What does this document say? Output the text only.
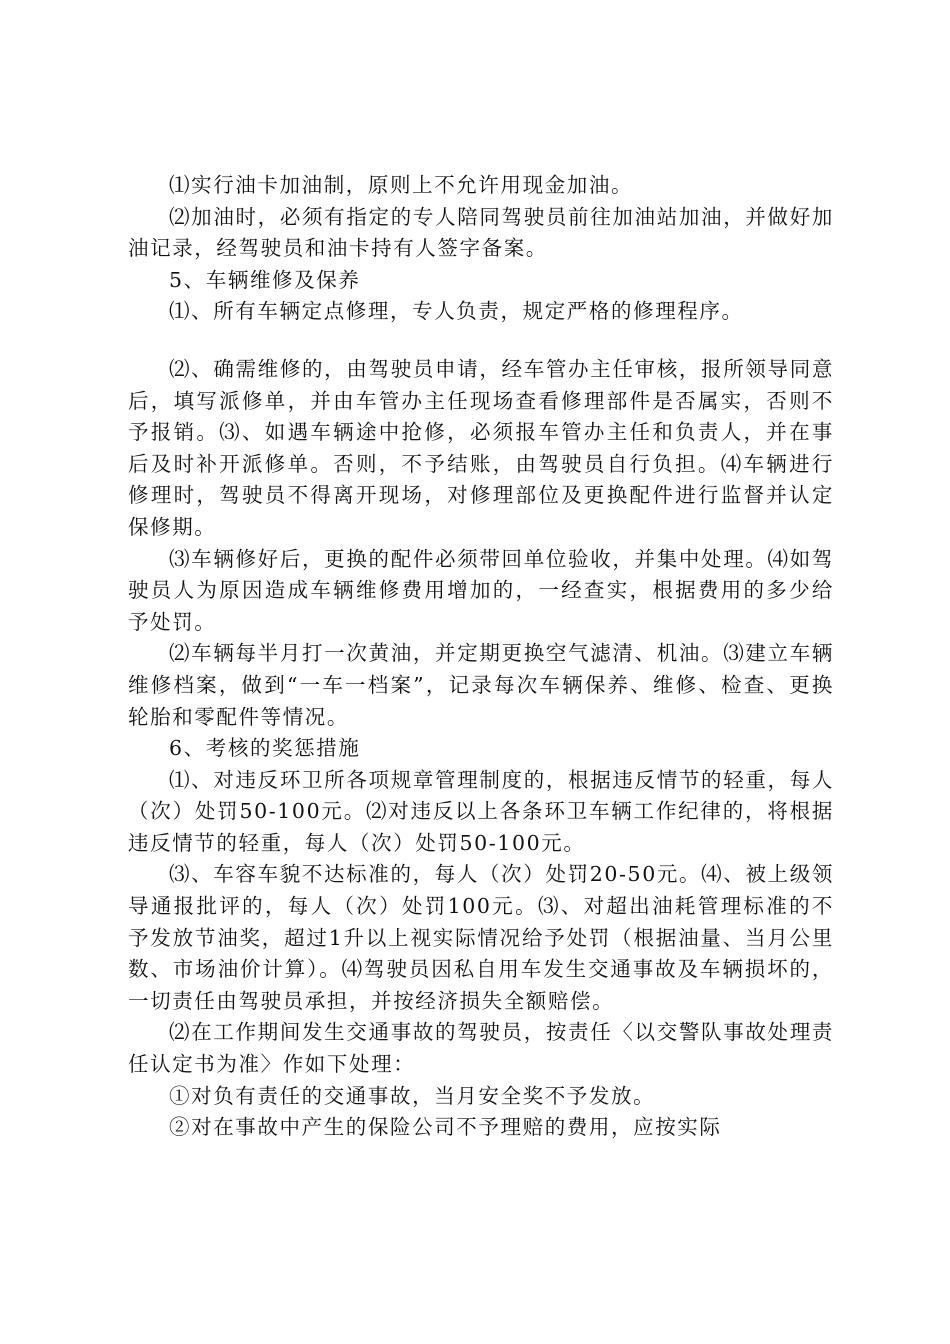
⑴实行油卡加油制，原则上不允许用现金加油。

⑵加油时，必须有指定的专人陪同驾驶员前往加油站加油，并做好加油记录，经驾驶员和油卡持有人签字备案。

5、车辆维修及保养

⑴、所有车辆定点修理，专人负责，规定严格的修理程序。

⑵、确需维修的，由驾驶员申请，经车管办主任审核，报所领导同意后，填写派修单，并由车管办主任现场查看修理部件是否属实，否则不予报销。⑶、如遇车辆途中抢修，必须报车管办主任和负责人，并在事后及时补开派修单。否则，不予结账，由驾驶员自行负担。⑷车辆进行修理时，驾驶员不得离开现场，对修理部位及更换配件进行监督并认定保修期。

⑶车辆修好后，更换的配件必须带回单位验收，并集中处理。⑷如驾驶员人为原因造成车辆维修费用增加的，一经查实，根据费用的多少给予处罚。

⑵车辆每半月打一次黄油，并定期更换空气滤清、机油。⑶建立车辆维修档案，做到“一车一档案”，记录每次车辆保养、维修、检查、更换轮胎和零配件等情况。

6、考核的奖惩措施

⑴、对违反环卫所各项规章管理制度的，根据违反情节的轻重，每人（次）处罚50-100元。⑵对违反以上各条环卫车辆工作纪律的，将根据违反情节的轻重，每人（次）处罚50-100元。

⑶、车容车貌不达标准的，每人（次）处罚20-50元。⑷、被上级领导通报批评的，每人（次）处罚100元。⑶、对超出油耗管理标准的不予发放节油奖，超过1升以上视实际情况给予处罚（根据油量、当月公里数、市场油价计算）。⑷驾驶员因私自用车发生交通事故及车辆损坏的，一切责任由驾驶员承担，并按经济损失全额赔偿。

⑵在工作期间发生交通事故的驾驶员，按责任〈以交警队事故处理责任认定书为准〉作如下处理：

①对负有责任的交通事故，当月安全奖不予发放。

②对在事故中产生的保险公司不予理赔的费用，应按实际
